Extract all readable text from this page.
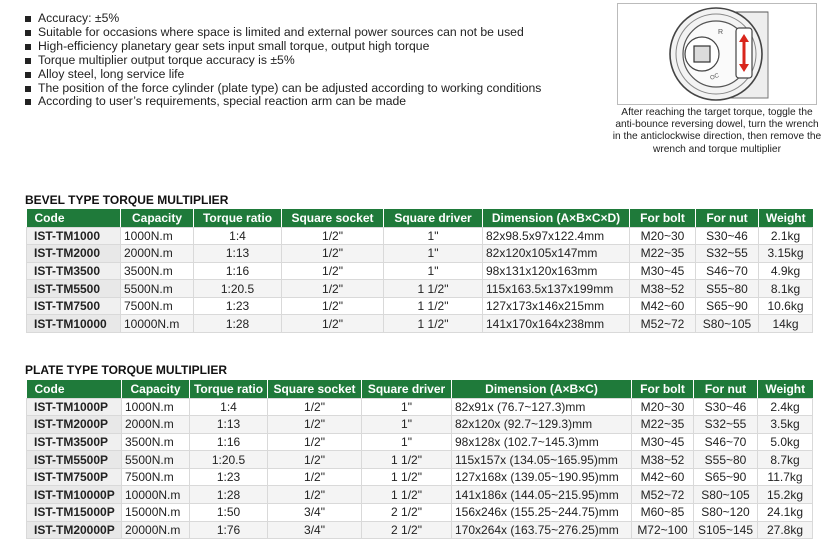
Accuracy: ±5%
Suitable for occasions where space is limited and external power sources can not be used
High-efficiency planetary gear sets input small torque, output high torque
Torque multiplier output torque accuracy is ±5%
Alloy steel, long service life
The position of the force cylinder (plate type) can be adjusted according to working conditions
According to user’s requirements, special reaction arm can be made
R
OC
After reaching the target torque, toggle the anti-bounce reversing dowel, turn the wrench in the anticlockwise direction, then remove the wrench and torque multiplier
BEVEL TYPE TORQUE MULTIPLIER
Code	Capacity	Torque ratio	Square socket	Square driver	Dimension (A×B×C×D)	For bolt	For nut	Weight
IST-TM1000	1000N.m	1:4	1/2"	1"	82x98.5x97x122.4mm	M20~30	S30~46	2.1kg
IST-TM2000	2000N.m	1:13	1/2"	1"	82x120x105x147mm	M22~35	S32~55	3.15kg
IST-TM3500	3500N.m	1:16	1/2"	1"	98x131x120x163mm	M30~45	S46~70	4.9kg
IST-TM5500	5500N.m	1:20.5	1/2"	1 1/2"	115x163.5x137x199mm	M38~52	S55~80	8.1kg
IST-TM7500	7500N.m	1:23	1/2"	1 1/2"	127x173x146x215mm	M42~60	S65~90	10.6kg
IST-TM10000	10000N.m	1:28	1/2"	1 1/2"	141x170x164x238mm	M52~72	S80~105	14kg
PLATE TYPE TORQUE MULTIPLIER
Code	Capacity	Torque ratio	Square socket	Square driver	Dimension (A×B×C)	For bolt	For nut	Weight
IST-TM1000P	1000N.m	1:4	1/2"	1"	82x91x (76.7~127.3)mm	M20~30	S30~46	2.4kg
IST-TM2000P	2000N.m	1:13	1/2"	1"	82x120x (92.7~129.3)mm	M22~35	S32~55	3.5kg
IST-TM3500P	3500N.m	1:16	1/2"	1"	98x128x (102.7~145.3)mm	M30~45	S46~70	5.0kg
IST-TM5500P	5500N.m	1:20.5	1/2"	1 1/2"	115x157x (134.05~165.95)mm	M38~52	S55~80	8.7kg
IST-TM7500P	7500N.m	1:23	1/2"	1 1/2"	127x168x (139.05~190.95)mm	M42~60	S65~90	11.7kg
IST-TM10000P	10000N.m	1:28	1/2"	1 1/2"	141x186x (144.05~215.95)mm	M52~72	S80~105	15.2kg
IST-TM15000P	15000N.m	1:50	3/4"	2 1/2"	156x246x (155.25~244.75)mm	M60~85	S80~120	24.1kg
IST-TM20000P	20000N.m	1:76	3/4"	2 1/2"	170x264x (163.75~276.25)mm	M72~100	S105~145	27.8kg
